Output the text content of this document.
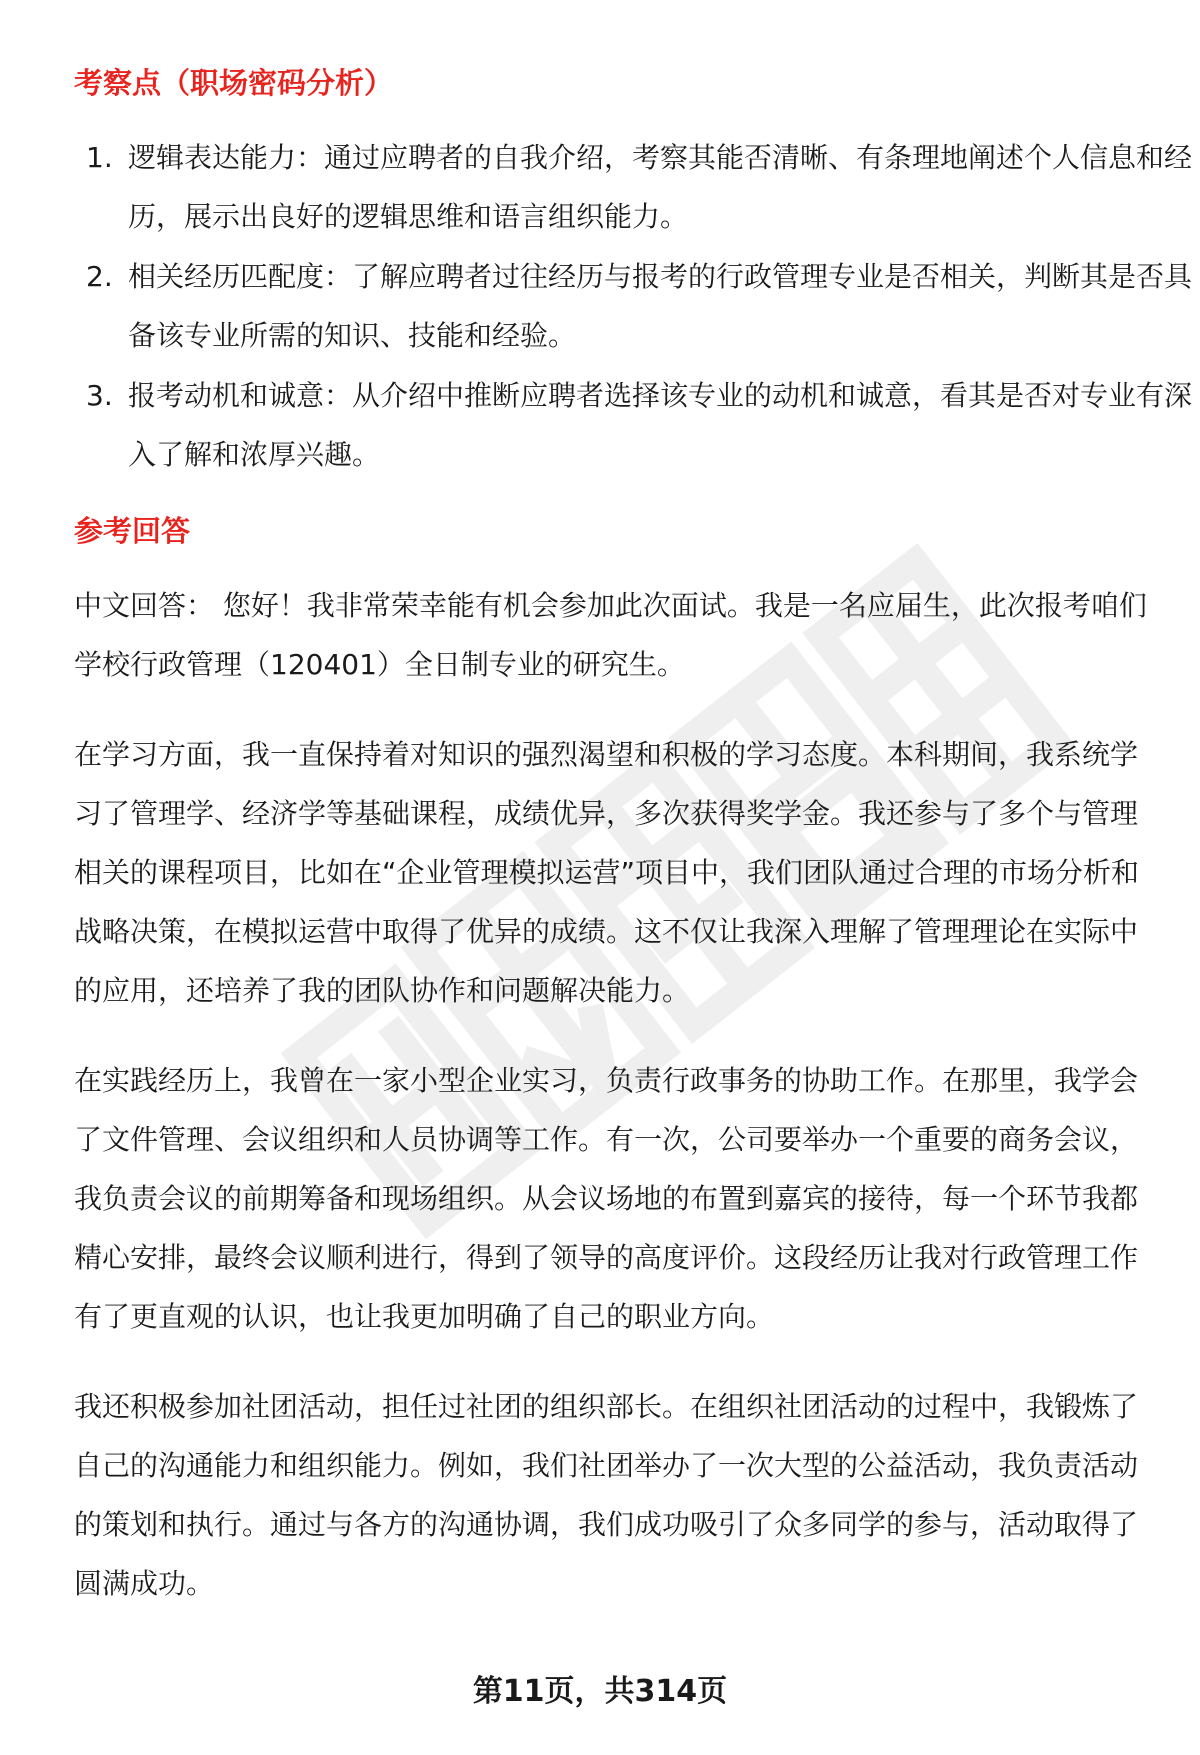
考察点（职场密码分析）
1. 逻辑表达能力：通过应聘者的自我介绍，考察其能否清晰、有条理地阐述个人信息和经历，展示出良好的逻辑思维和语言组织能力。
2. 相关经历匹配度：了解应聘者过往经历与报考的行政管理专业是否相关，判断其是否具备该专业所需的知识、技能和经验。
3. 报考动机和诚意：从介绍中推断应聘者选择该专业的动机和诚意，看其是否对专业有深入了解和浓厚兴趣。
参考回答

中文回答： 您好！我非常荣幸能有机会参加此次面试。我是一名应届生，此次报考咱们学校行政管理（120401）全日制专业的研究生。

在学习方面，我一直保持着对知识的强烈渴望和积极的学习态度。本科期间，我系统学习了管理学、经济学等基础课程，成绩优异，多次获得奖学金。我还参与了多个与管理相关的课程项目，比如在“企业管理模拟运营”项目中，我们团队通过合理的市场分析和战略决策，在模拟运营中取得了优异的成绩。这不仅让我深入理解了管理理论在实际中的应用，还培养了我的团队协作和问题解决能力。

在实践经历上，我曾在一家小型企业实习，负责行政事务的协助工作。在那里，我学会了文件管理、会议组织和人员协调等工作。有一次，公司要举办一个重要的商务会议，我负责会议的前期筹备和现场组织。从会议场地的布置到嘉宾的接待，每一个环节我都精心安排，最终会议顺利进行，得到了领导的高度评价。这段经历让我对行政管理工作有了更直观的认识，也让我更加明确了自己的职业方向。

我还积极参加社团活动，担任过社团的组织部长。在组织社团活动的过程中，我锻炼了自己的沟通能力和组织能力。例如，我们社团举办了一次大型的公益活动，我负责活动的策划和执行。通过与各方的沟通协调，我们成功吸引了众多同学的参与，活动取得了圆满成功。

第11页，共314页
